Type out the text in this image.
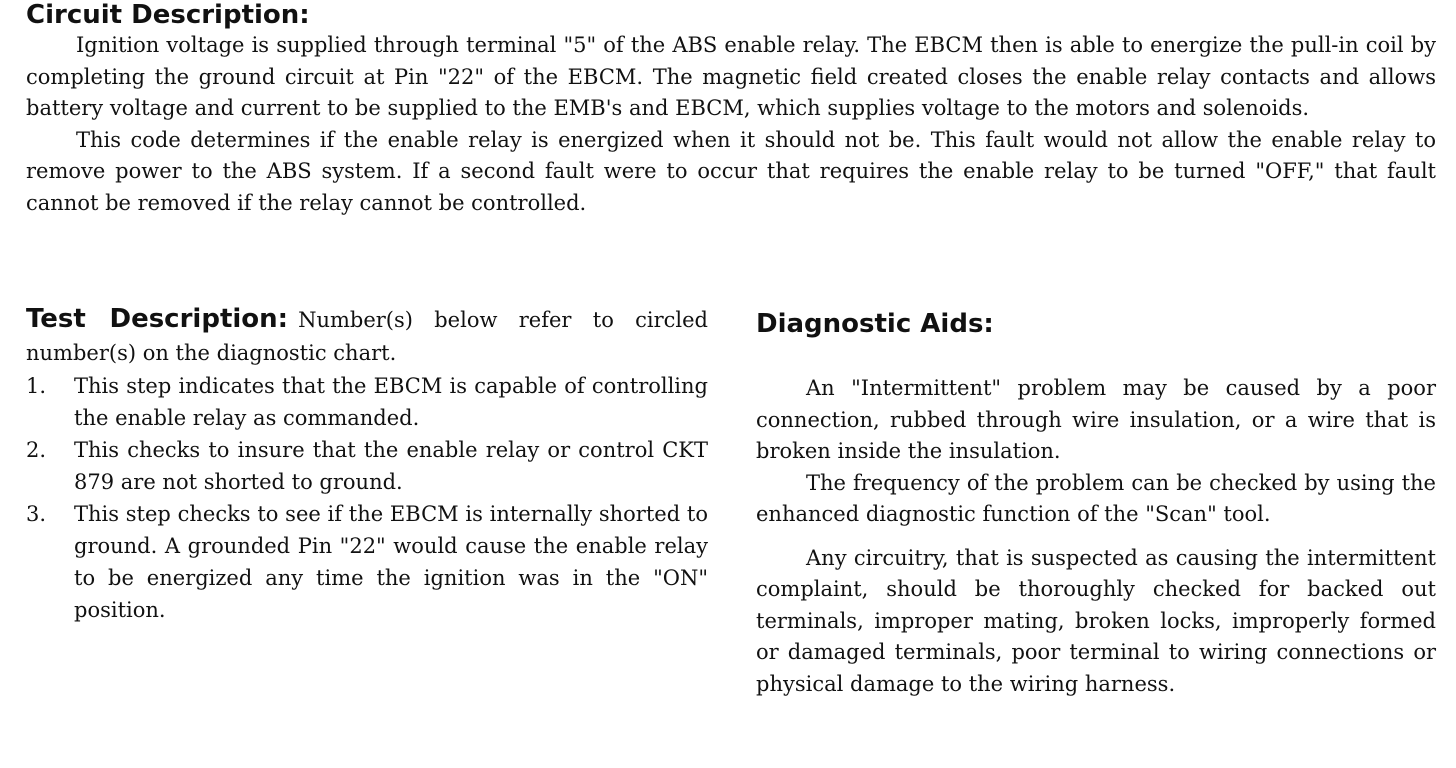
Circuit Description:

Ignition voltage is supplied through terminal "5" of the ABS enable relay. The EBCM then is able to energize the pull-in coil by completing the ground circuit at Pin "22" of the EBCM. The magnetic field created closes the enable relay contacts and allows battery voltage and current to be supplied to the EMB's and EBCM, which supplies voltage to the motors and solenoids.

This code determines if the enable relay is energized when it should not be. This fault would not allow the enable relay to remove power to the ABS system. If a second fault were to occur that requires the enable relay to be turned "OFF," that fault cannot be removed if the relay cannot be controlled.

Test Description: Number(s) below refer to circled number(s) on the diagnostic chart.

1. This step indicates that the EBCM is capable of controlling the enable relay as commanded.
2. This checks to insure that the enable relay or control CKT 879 are not shorted to ground.
3. This step checks to see if the EBCM is internally shorted to ground. A grounded Pin "22" would cause the enable relay to be energized any time the ignition was in the "ON" position.
Diagnostic Aids:

An "Intermittent" problem may be caused by a poor connection, rubbed through wire insulation, or a wire that is broken inside the insulation.

The frequency of the problem can be checked by using the enhanced diagnostic function of the "Scan" tool.

Any circuitry, that is suspected as causing the intermittent complaint, should be thoroughly checked for backed out terminals, improper mating, broken locks, improperly formed or damaged terminals, poor terminal to wiring connections or physical damage to the wiring harness.
